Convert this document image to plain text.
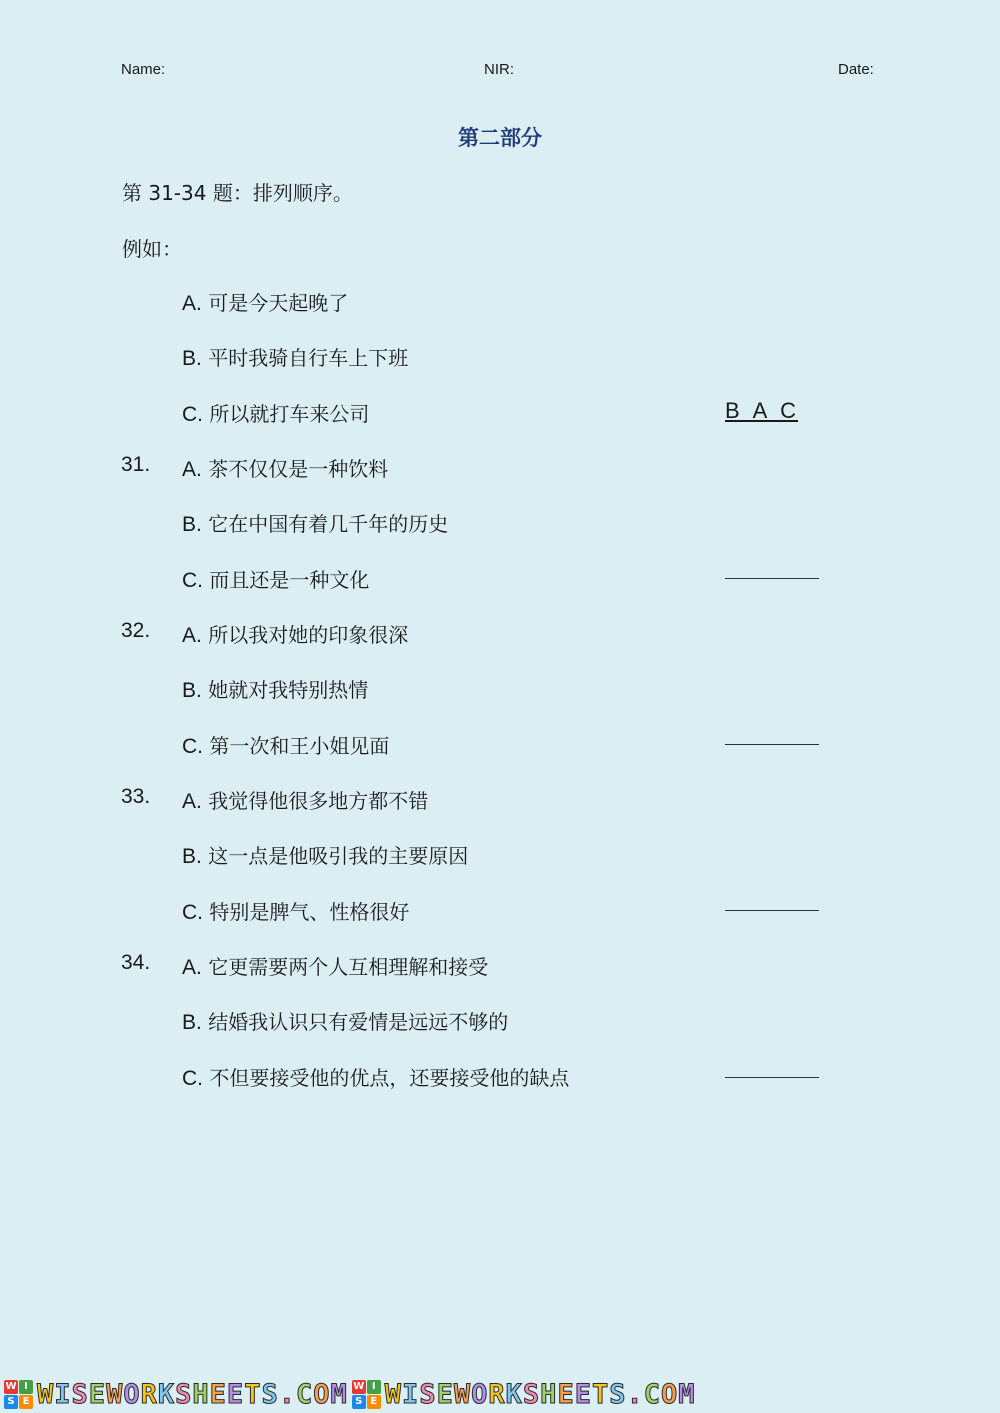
Name:	NIR:	Date:
第二部分
第 31-34 题：排列顺序。
例如：
A. 可是今天起晚了
B. 平时我骑自行车上下班
C. 所以就打车来公司	B A C
31. A. 茶不仅仅是一种饮料
B. 它在中国有着几千年的历史
C. 而且还是一种文化
32. A. 所以我对她的印象很深
B. 她就对我特别热情
C. 第一次和王小姐见面
33. A. 我觉得他很多地方都不错
B. 这一点是他吸引我的主要原因
C. 特别是脾气、性格很好
34. A. 它更需要两个人互相理解和接受
B. 结婚我认识只有爱情是远远不够的
C. 不但要接受他的优点，还要接受他的缺点
W I
S E WISEWORKSHEETS.COM W I
S E WISEWORKSHEETS.COM
